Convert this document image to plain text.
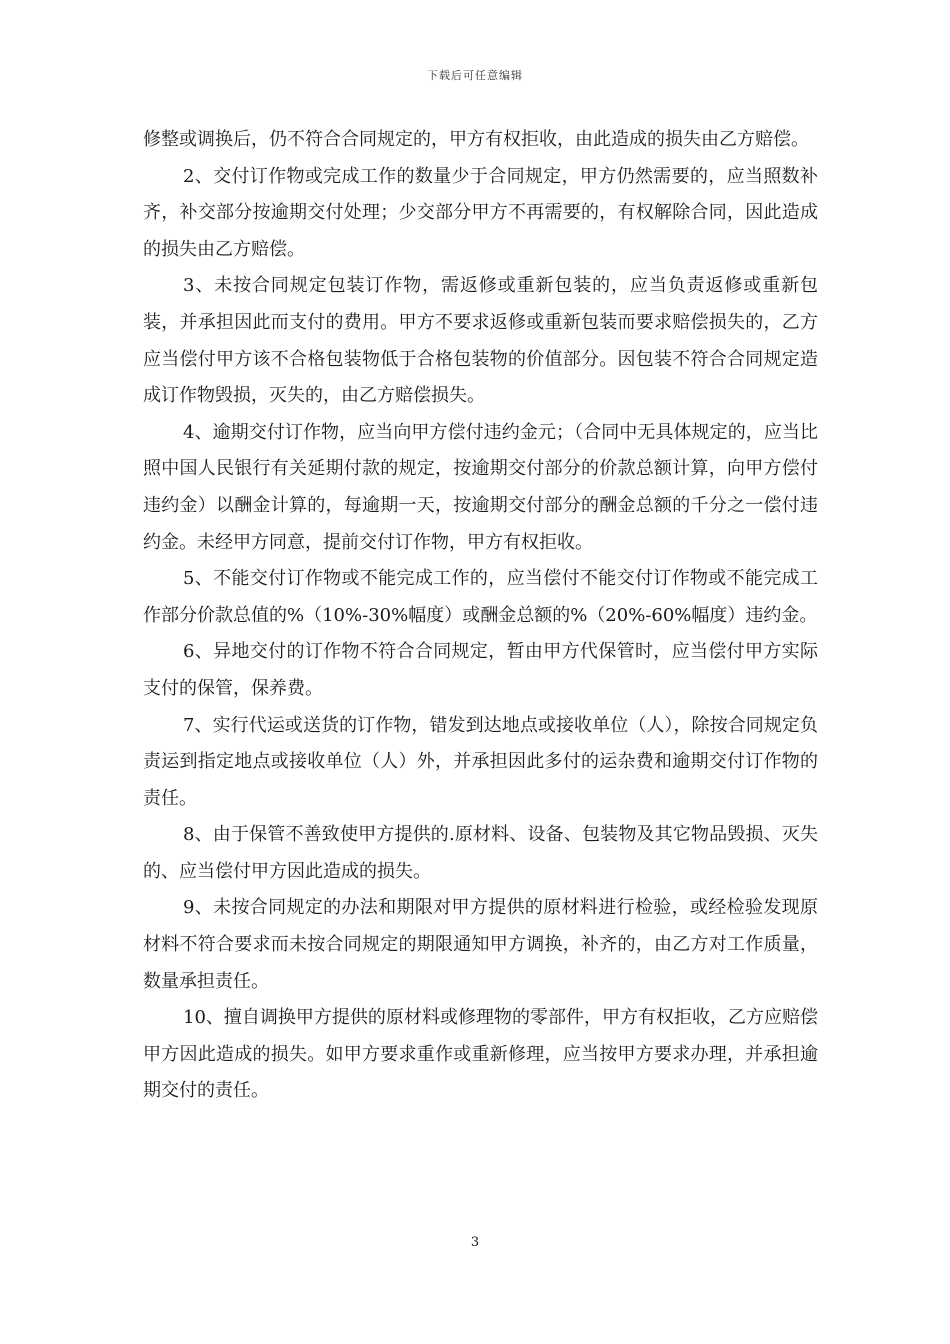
下载后可任意编辑

修整或调换后，仍不符合合同规定的，甲方有权拒收，由此造成的损失由乙方赔偿。

2、交付订作物或完成工作的数量少于合同规定，甲方仍然需要的，应当照数补齐，补交部分按逾期交付处理；少交部分甲方不再需要的，有权解除合同，因此造成的损失由乙方赔偿。

3、未按合同规定包装订作物，需返修或重新包装的，应当负责返修或重新包装，并承担因此而支付的费用。甲方不要求返修或重新包装而要求赔偿损失的，乙方应当偿付甲方该不合格包装物低于合格包装物的价值部分。因包装不符合合同规定造成订作物毁损，灭失的，由乙方赔偿损失。

4、逾期交付订作物，应当向甲方偿付违约金元；（合同中无具体规定的，应当比照中国人民银行有关延期付款的规定，按逾期交付部分的价款总额计算，向甲方偿付违约金）以酬金计算的，每逾期一天，按逾期交付部分的酬金总额的千分之一偿付违约金。未经甲方同意，提前交付订作物，甲方有权拒收。

5、不能交付订作物或不能完成工作的，应当偿付不能交付订作物或不能完成工作部分价款总值的%（10%-30%幅度）或酬金总额的%（20%-60%幅度）违约金。

6、异地交付的订作物不符合合同规定，暂由甲方代保管时，应当偿付甲方实际支付的保管，保养费。

7、实行代运或送货的订作物，错发到达地点或接收单位（人），除按合同规定负责运到指定地点或接收单位（人）外，并承担因此多付的运杂费和逾期交付订作物的责任。

8、由于保管不善致使甲方提供的.原材料、设备、包装物及其它物品毁损、灭失的、应当偿付甲方因此造成的损失。

9、未按合同规定的办法和期限对甲方提供的原材料进行检验，或经检验发现原材料不符合要求而未按合同规定的期限通知甲方调换，补齐的，由乙方对工作质量，数量承担责任。

10、擅自调换甲方提供的原材料或修理物的零部件，甲方有权拒收，乙方应赔偿甲方因此造成的损失。如甲方要求重作或重新修理，应当按甲方要求办理，并承担逾期交付的责任。

3
